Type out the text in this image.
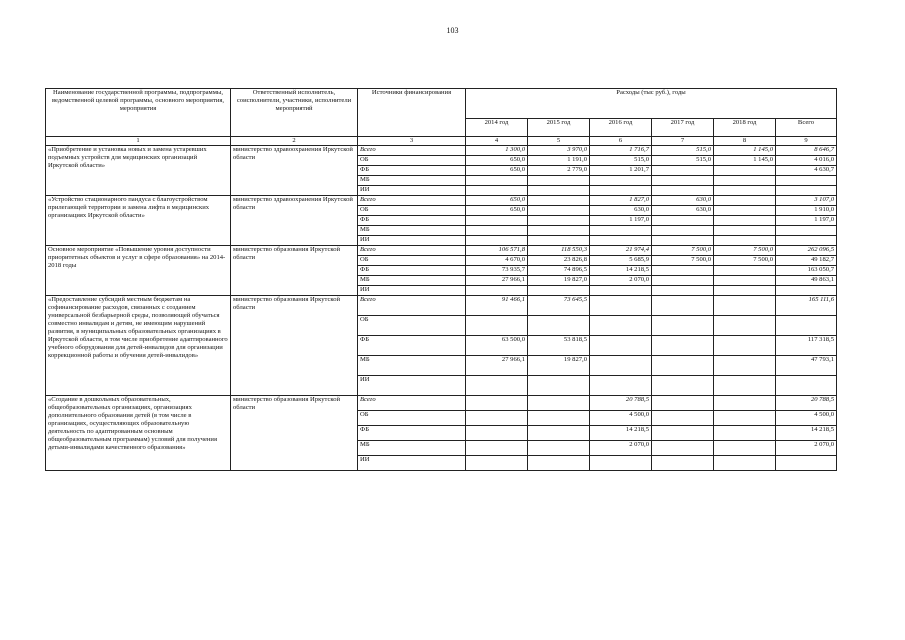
103
Наименование государственной программы, подпрограммы, ведомственной целевой программы, основного мероприятия, мероприятия	Ответственный исполнитель, соисполнители, участники, исполнители мероприятий	Источники финансирования	Расходы (тыс руб.), годы					
			2014 год	2015 год	2016 год	2017 год	2018 год	Всего
1	2	3	4	5	6	7	8	9
«Приобретение и установка новых и замена устаревших подъемных устройств для медицинских организаций Иркутской области»	министерство здравоохранения Иркутской области	Всего	1 300,0	3 970,0	1 716,7	515,0	1 145,0	8 646,7
		ОБ	650,0	1 191,0	515,0	515,0	1 145,0	4 016,0
		ФБ	650,0	2 779,0	1 201,7			4 630,7
		МБ						
		ИИ						
«Устройство стационарного пандуса с благоустройством прилегающей территории и замена лифта в медицинских организациях Иркутской области»	министерство здравоохранения Иркутской области	Всего	650,0		1 827,0	630,0		3 107,0
		ОБ	650,0		630,0	630,0		1 910,0
		ФБ			1 197,0			1 197,0
		МБ						
		ИИ						
Основное мероприятие «Повышение уровня доступности приоритетных объектов и услуг в сфере образования» на 2014-2018 годы	министерство образования Иркутской области	Всего	106 571,8	118 550,3	21 974,4	7 500,0	7 500,0	262 096,5
		ОБ	4 670,0	23 826,8	5 685,9	7 500,0	7 500,0	49 182,7
		ФБ	73 935,7	74 896,5	14 218,5			163 050,7
		МБ	27 966,1	19 827,0	2 070,0			49 863,1
		ИИ						
«Предоставление субсидий местным бюджетам на софинансирование расходов, связанных с созданием универсальной безбарьерной среды, позволяющей обучаться совместно инвалидам и детям, не имеющим нарушений развития, в муниципальных образовательных организациях в Иркутской области, в том числе приобретение адаптированного учебного оборудования для детей-инвалидов для организации коррекционной работы и обучения детей-инвалидов»	министерство образования Иркутской области	Всего	91 466,1	73 645,5				165 111,6
		ОБ						
		ФБ	63 500,0	53 818,5				117 318,5
		МБ	27 966,1	19 827,0				47 793,1
		ИИ						
«Создание в дошкольных образовательных, общеобразовательных организациях, организациях дополнительного образования детей (в том числе в организациях, осуществляющих образовательную деятельность по адаптированным основным общеобразовательным программам) условий для получения детьми-инвалидами качественного образования»	министерство образования Иркутской области	Всего			20 788,5			20 788,5
		ОБ			4 500,0			4 500,0
		ФБ			14 218,5			14 218,5
		МБ			2 070,0			2 070,0
		ИИ						
